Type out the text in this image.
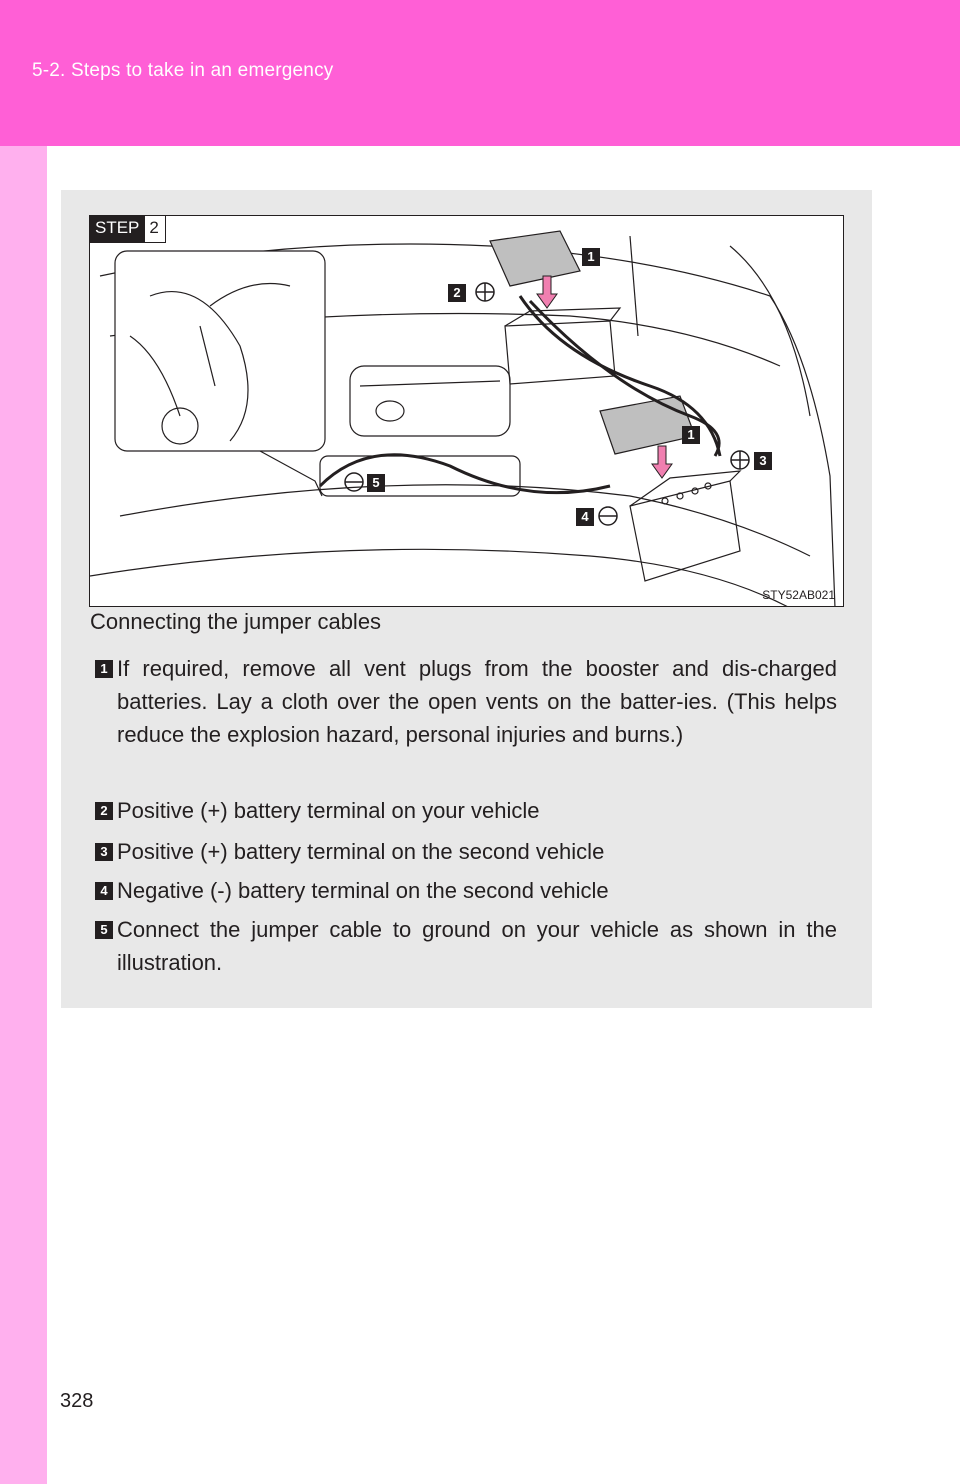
5-2. Steps to take in an emergency
STEP 2
1
1
2
3
4
5
STY52AB021
Connecting the jumper cables
1 If required, remove all vent plugs from the booster and dis-charged batteries. Lay a cloth over the open vents on the batter-ies. (This helps reduce the explosion hazard, personal injuries and burns.)
2 Positive (+) battery terminal on your vehicle
3 Positive (+) battery terminal on the second vehicle
4 Negative (-) battery terminal on the second vehicle
5 Connect the jumper cable to ground on your vehicle as shown in the illustration.
328
